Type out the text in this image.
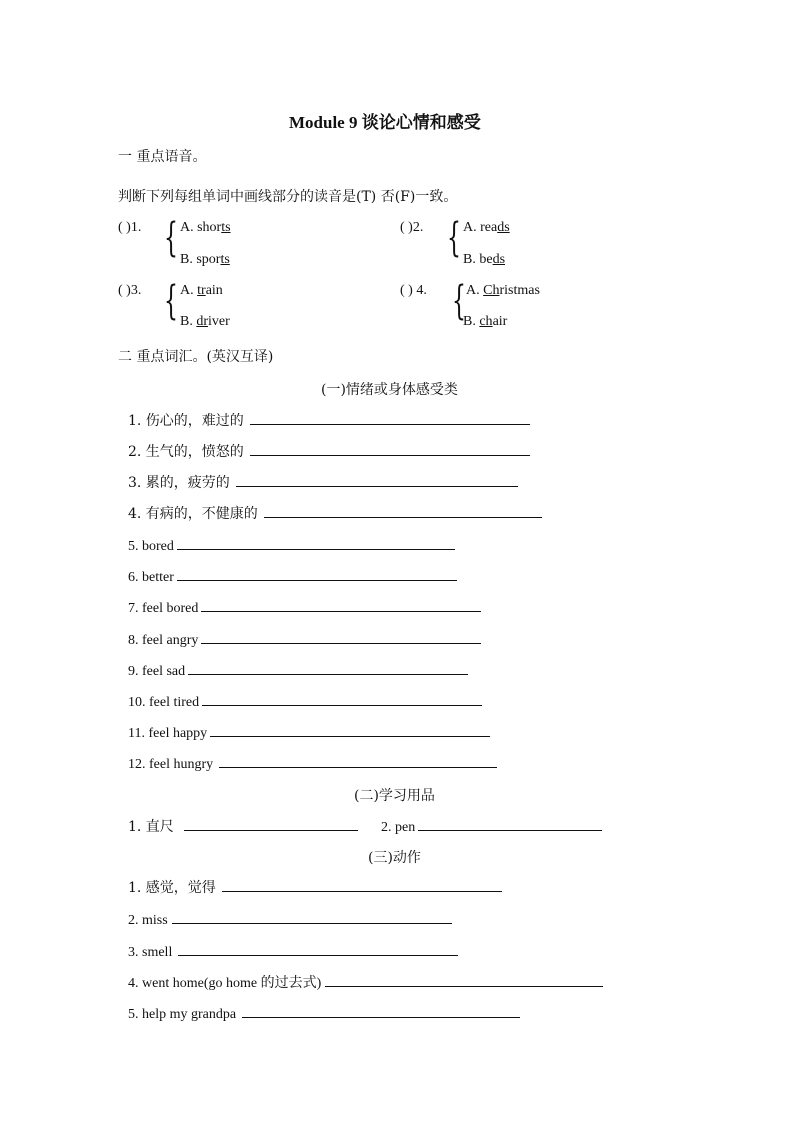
Module 9 谈论心情和感受
一 重点语音。
判断下列每组单词中画线部分的读音是(T) 否(F)一致。
( )1. { A. shorts
B. sports
( )2. { A. reads
B. beds
( )3. { A. train
B. driver
( ) 4. { A. Christmas
B. chair
二 重点词汇。(英汉互译)
(一)情绪或身体感受类
1. 伤心的，难过的
2. 生气的，愤怒的
3. 累的，疲劳的
4. 有病的，不健康的
5. bored
6. better
7. feel bored
8. feel angry
9. feel sad
10. feel tired
11. feel happy
12. feel hungry
(二)学习用品
1. 直尺	2. pen
(三)动作
1. 感觉，觉得
2. miss
3. smell
4. went home(go home 的过去式)
5. help my grandpa
